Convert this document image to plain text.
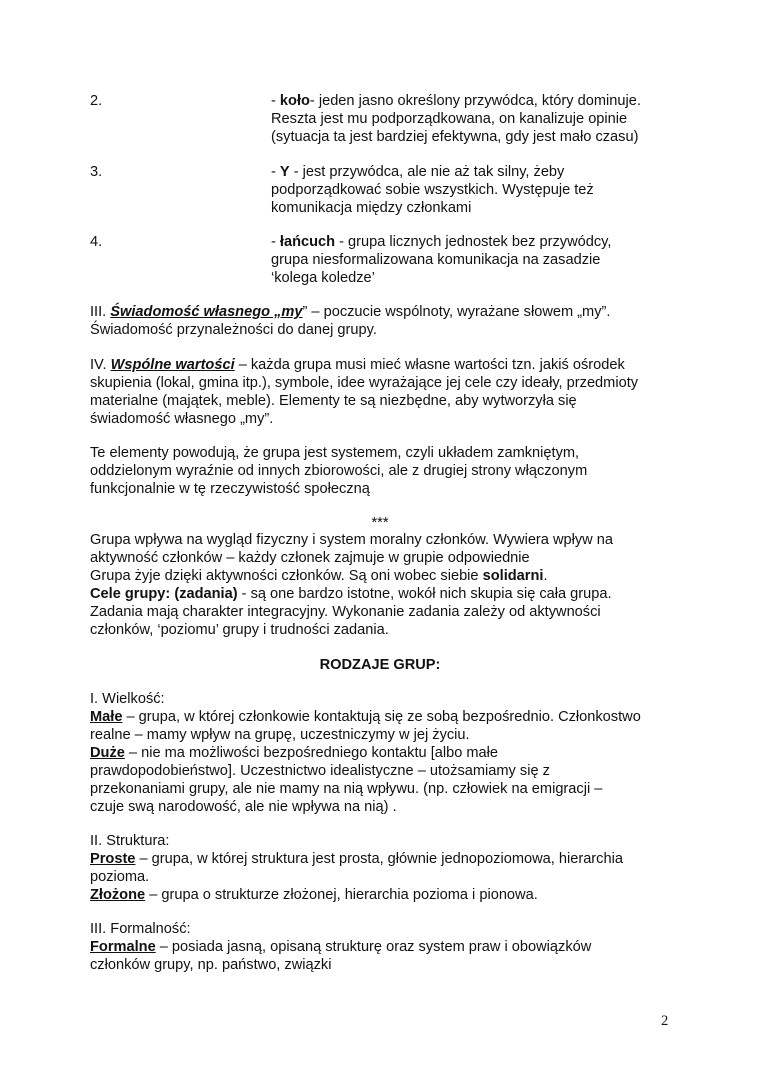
2.	- koło- jeden jasno określony przywódca, który dominuje.
Reszta jest mu podporządkowana, on kanalizuje opinie
(sytuacja ta jest bardziej efektywna, gdy jest mało czasu)
3.	- Y - jest przywódca, ale nie aż tak silny, żeby
podporządkować sobie wszystkich. Występuje też
komunikacja między członkami
4.	- łańcuch - grupa licznych jednostek bez przywódcy,
grupa niesformalizowana komunikacja na zasadzie
‘kolega koledze’
III. Świadomość własnego „my” – poczucie wspólnoty, wyrażane słowem „my”.
Świadomość przynależności do danej grupy.
IV. Wspólne wartości – każda grupa musi mieć własne wartości tzn. jakiś ośrodek
skupienia (lokal, gmina itp.), symbole, idee wyrażające jej cele czy ideały, przedmioty
materialne (majątek, meble). Elementy te są niezbędne, aby wytworzyła się
świadomość własnego „my”.
Te elementy powodują, że grupa jest systemem, czyli układem zamkniętym,
oddzielonym wyraźnie od innych zbiorowości, ale z drugiej strony włączonym
funkcjonalnie w tę rzeczywistość społeczną
***
Grupa wpływa na wygląd fizyczny i system moralny członków. Wywiera wpływ na
aktywność członków – każdy członek zajmuje w grupie odpowiednie
Grupa żyje dzięki aktywności członków. Są oni wobec siebie solidarni.
Cele grupy: (zadania) - są one bardzo istotne, wokół nich skupia się cała grupa.
Zadania mają charakter integracyjny. Wykonanie zadania zależy od aktywności
członków, ‘poziomu’ grupy i trudności zadania.
RODZAJE GRUP:
I. Wielkość:
Małe – grupa, w której członkowie kontaktują się ze sobą bezpośrednio. Członkostwo
realne – mamy wpływ na grupę, uczestniczymy w jej życiu.
Duże – nie ma możliwości bezpośredniego kontaktu [albo małe
prawdopodobieństwo]. Uczestnictwo idealistyczne – utożsamiamy się z
przekonaniami grupy, ale nie mamy na nią wpływu. (np. człowiek na emigracji –
czuje swą narodowość, ale nie wpływa na nią) .
II. Struktura:
Proste – grupa, w której struktura jest prosta, głównie jednopoziomowa, hierarchia
pozioma.
Złożone – grupa o strukturze złożonej, hierarchia pozioma i pionowa.
III. Formalność:
Formalne – posiada jasną, opisaną strukturę oraz system praw i obowiązków
członków grupy, np. państwo, związki
2
